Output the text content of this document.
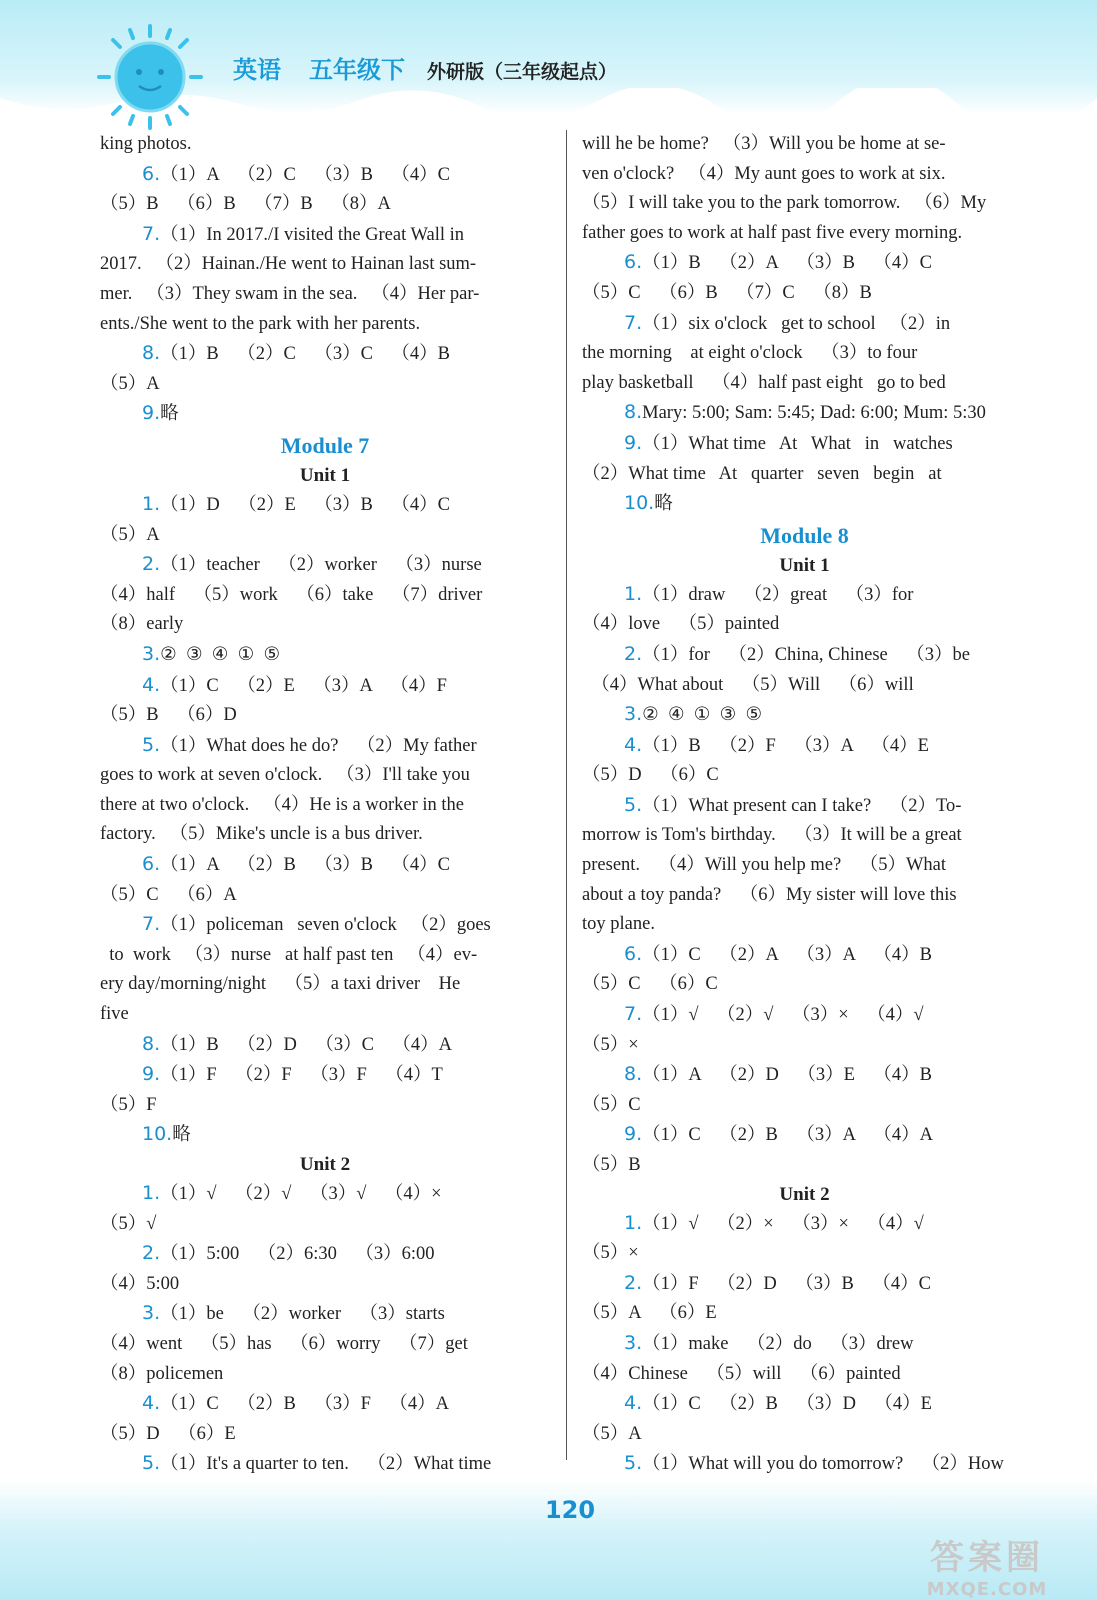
英语 五年级下 外研版（三年级起点）
king photos.
6.（1）A    （2）C    （3）B    （4）C
（5）B    （6）B    （7）B    （8）A
7.（1）In 2017./I visited the Great Wall in
2017.   （2）Hainan./He went to Hainan last sum-
mer.   （3）They swam in the sea.   （4）Her par-
ents./She went to the park with her parents.
8.（1）B    （2）C    （3）C    （4）B
（5）A
9.略
Module 7
Unit 1
1.（1）D    （2）E    （3）B    （4）C
（5）A
2.（1）teacher    （2）worker    （3）nurse
（4）half    （5）work    （6）take    （7）driver
（8）early
3.②  ③  ④  ①  ⑤
4.（1）C    （2）E    （3）A    （4）F
（5）B    （6）D
5.（1）What does he do?    （2）My father
goes to work at seven o'clock.   （3）I'll take you
there at two o'clock.   （4）He is a worker in the
factory.   （5）Mike's uncle is a bus driver.
6.（1）A    （2）B    （3）B    （4）C
（5）C    （6）A
7.（1）policeman   seven o'clock   （2）goes
to  work   （3）nurse   at half past ten   （4）ev-
ery day/morning/night    （5）a taxi driver    He
five
8.（1）B    （2）D    （3）C    （4）A
9.（1）F    （2）F    （3）F    （4）T
（5）F
10.略
Unit 2
1.（1）√    （2）√    （3）√    （4）×
（5）√
2.（1）5:00    （2）6:30    （3）6:00
（4）5:00
3.（1）be    （2）worker    （3）starts
（4）went    （5）has    （6）worry    （7）get
（8）policemen
4.（1）C    （2）B    （3）F    （4）A
（5）D    （6）E
5.（1）It's a quarter to ten.    （2）What time
will he be home?   （3）Will you be home at se-
ven o'clock?   （4）My aunt goes to work at six.
（5）I will take you to the park tomorrow.   （6）My
father goes to work at half past five every morning.
6.（1）B    （2）A    （3）B    （4）C
（5）C    （6）B    （7）C    （8）B
7.（1）six o'clock   get to school   （2）in
the morning    at eight o'clock    （3）to four
play basketball    （4）half past eight   go to bed
8.Mary: 5:00; Sam: 5:45; Dad: 6:00; Mum: 5:30
9.（1）What time   At   What   in   watches
（2）What time   At   quarter   seven   begin   at
10.略
Module 8
Unit 1
1.（1）draw    （2）great    （3）for
（4）love    （5）painted
2.（1）for    （2）China, Chinese    （3）be
（4）What about    （5）Will    （6）will
3.②  ④  ①  ③  ⑤
4.（1）B    （2）F    （3）A    （4）E
（5）D    （6）C
5.（1）What present can I take?    （2）To-
morrow is Tom's birthday.    （3）It will be a great
present.    （4）Will you help me?    （5）What
about a toy panda?    （6）My sister will love this
toy plane.
6.（1）C    （2）A    （3）A    （4）B
（5）C    （6）C
7.（1）√    （2）√    （3）×    （4）√
（5）×
8.（1）A    （2）D    （3）E    （4）B
（5）C
9.（1）C    （2）B    （3）A    （4）A
（5）B
Unit 2
1.（1）√    （2）×    （3）×    （4）√
（5）×
2.（1）F    （2）D    （3）B    （4）C
（5）A    （6）E
3.（1）make    （2）do    （3）drew
（4）Chinese    （5）will    （6）painted
4.（1）C    （2）B    （3）D    （4）E
（5）A
5.（1）What will you do tomorrow?    （2）How
120
答案圈
MXQE.COM
